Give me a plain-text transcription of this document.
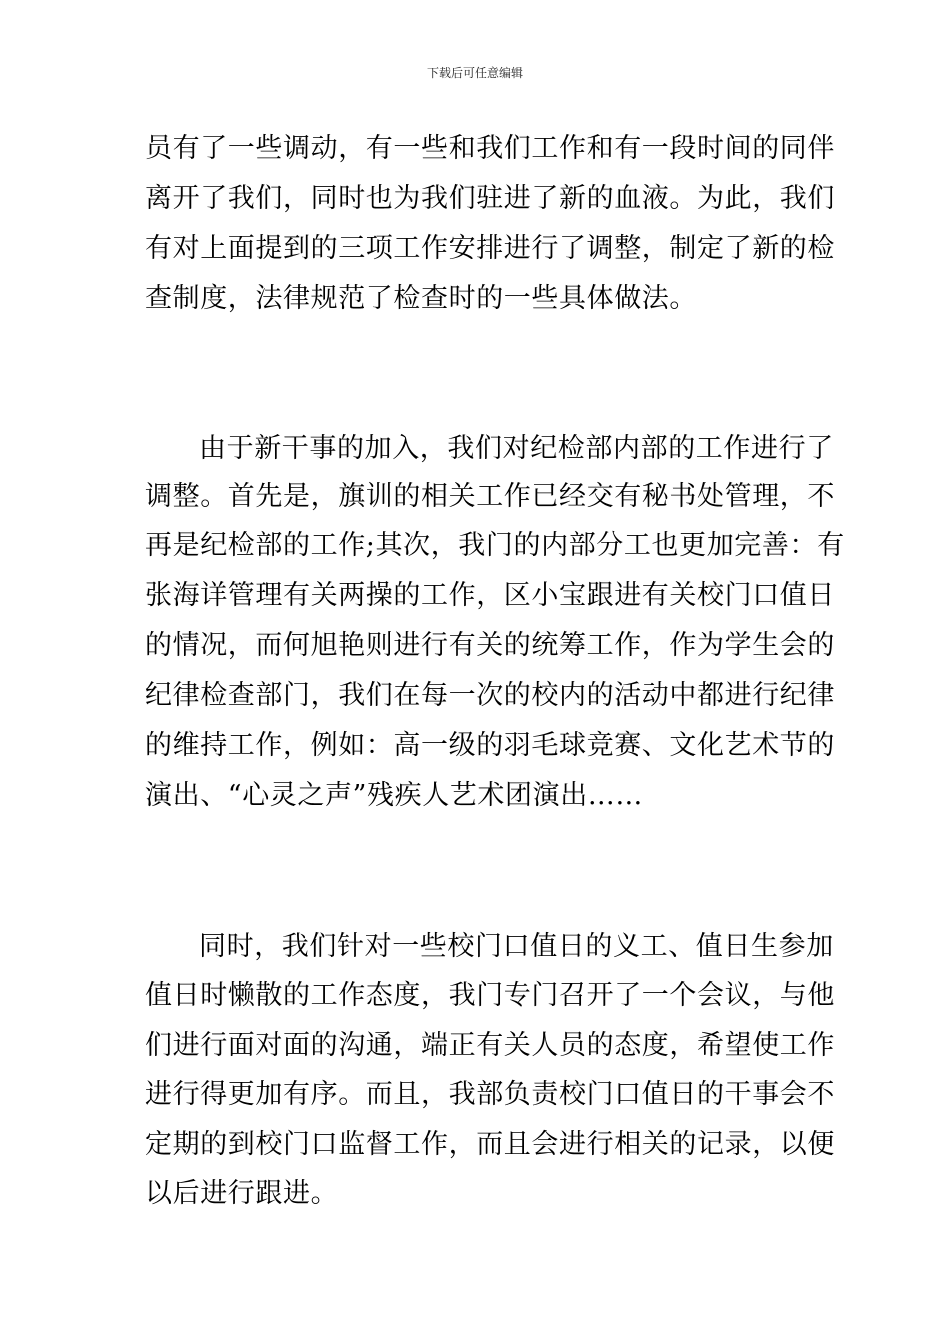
下载后可任意编辑
员有了一些调动，有一些和我们工作和有一段时间的同伴
离开了我们，同时也为我们驻进了新的血液。为此，我们
有对上面提到的三项工作安排进行了调整，制定了新的检
查制度，法律规范了检查时的一些具体做法。
由于新干事的加入，我们对纪检部内部的工作进行了
调整。首先是，旗训的相关工作已经交有秘书处管理，不
再是纪检部的工作;其次，我门的内部分工也更加完善：有
张海详管理有关两操的工作，区小宝跟进有关校门口值日
的情况，而何旭艳则进行有关的统筹工作，作为学生会的
纪律检查部门，我们在每一次的校内的活动中都进行纪律
的维持工作，例如：高一级的羽毛球竞赛、文化艺术节的
演出、“心灵之声”残疾人艺术团演出……
同时，我们针对一些校门口值日的义工、值日生参加
值日时懒散的工作态度，我门专门召开了一个会议，与他
们进行面对面的沟通，端正有关人员的态度，希望使工作
进行得更加有序。而且，我部负责校门口值日的干事会不
定期的到校门口监督工作，而且会进行相关的记录，以便
以后进行跟进。
